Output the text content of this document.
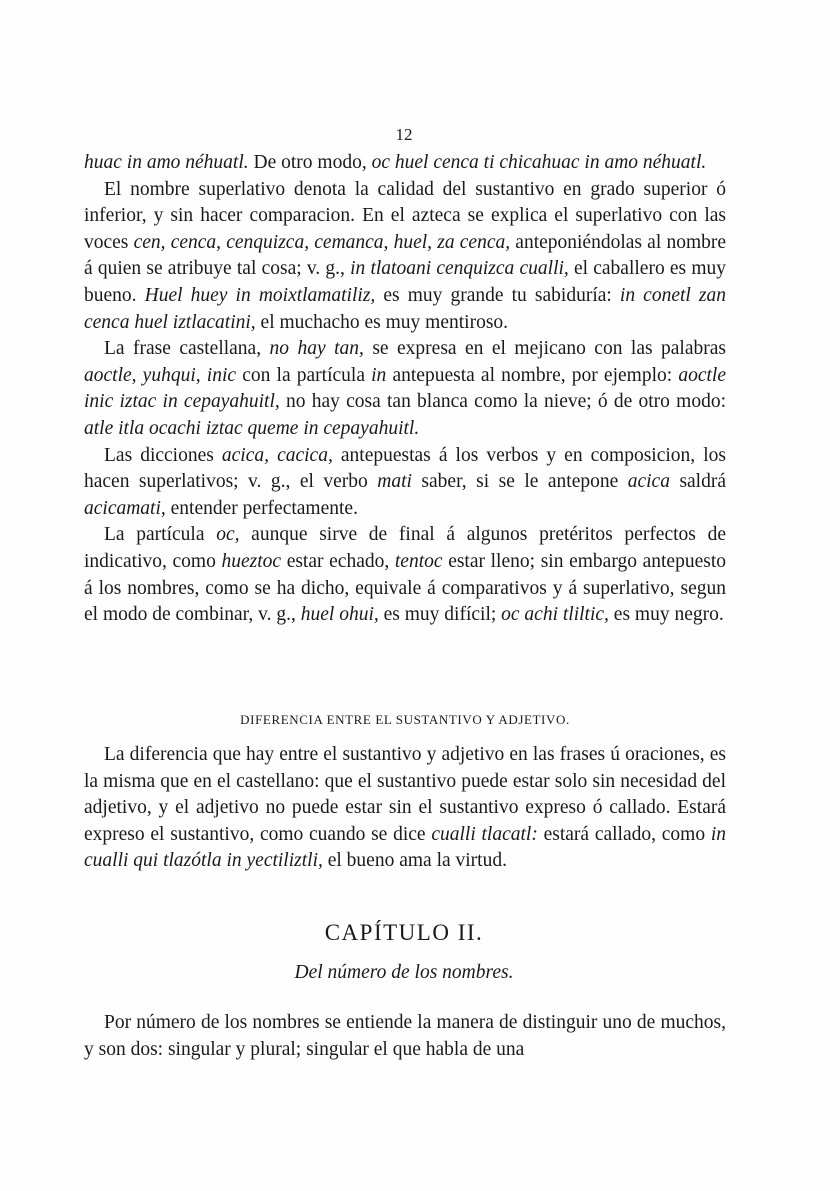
12

huac in amo néhuatl. De otro modo, oc huel cenca ti chicahuac in amo néhuatl.

El nombre superlativo denota la calidad del sustantivo en grado superior ó inferior, y sin hacer comparacion. En el azteca se explica el superlativo con las voces cen, cenca, cenquizca, cemanca, huel, za cenca, anteponiéndolas al nombre á quien se atribuye tal cosa; v. g., in tlatoani cenquizca cualli, el caballero es muy bueno. Huel huey in moixtlamatiliz, es muy grande tu sabiduría: in conetl zan cenca huel iztlacatini, el muchacho es muy mentiroso.

La frase castellana, no hay tan, se expresa en el mejicano con las palabras aoctle, yuhqui, inic con la partícula in antepuesta al nombre, por ejemplo: aoctle inic iztac in cepayahuitl, no hay cosa tan blanca como la nieve; ó de otro modo: atle itla ocachi iztac queme in cepayahuitl.

Las dicciones acica, cacica, antepuestas á los verbos y en composicion, los hacen superlativos; v. g., el verbo mati saber, si se le antepone acica saldrá acicamati, entender perfectamente.

La partícula oc, aunque sirve de final á algunos pretéritos perfectos de indicativo, como hueztoc estar echado, tentoc estar lleno; sin embargo antepuesto á los nombres, como se ha dicho, equivale á comparativos y á superlativo, segun el modo de combinar, v. g., huel ohui, es muy difícil; oc achi tliltic, es muy negro.

DIFERENCIA ENTRE EL SUSTANTIVO Y ADJETIVO.

La diferencia que hay entre el sustantivo y adjetivo en las frases ú oraciones, es la misma que en el castellano: que el sustantivo puede estar solo sin necesidad del adjetivo, y el adjetivo no puede estar sin el sustantivo expreso ó callado. Estará expreso el sustantivo, como cuando se dice cualli tlacatl: estará callado, como in cualli qui tlazótla in yectiliztli, el bueno ama la virtud.

CAPÍTULO II.
Del número de los nombres.

Por número de los nombres se entiende la manera de distinguir uno de muchos, y son dos: singular y plural; singular el que habla de una
